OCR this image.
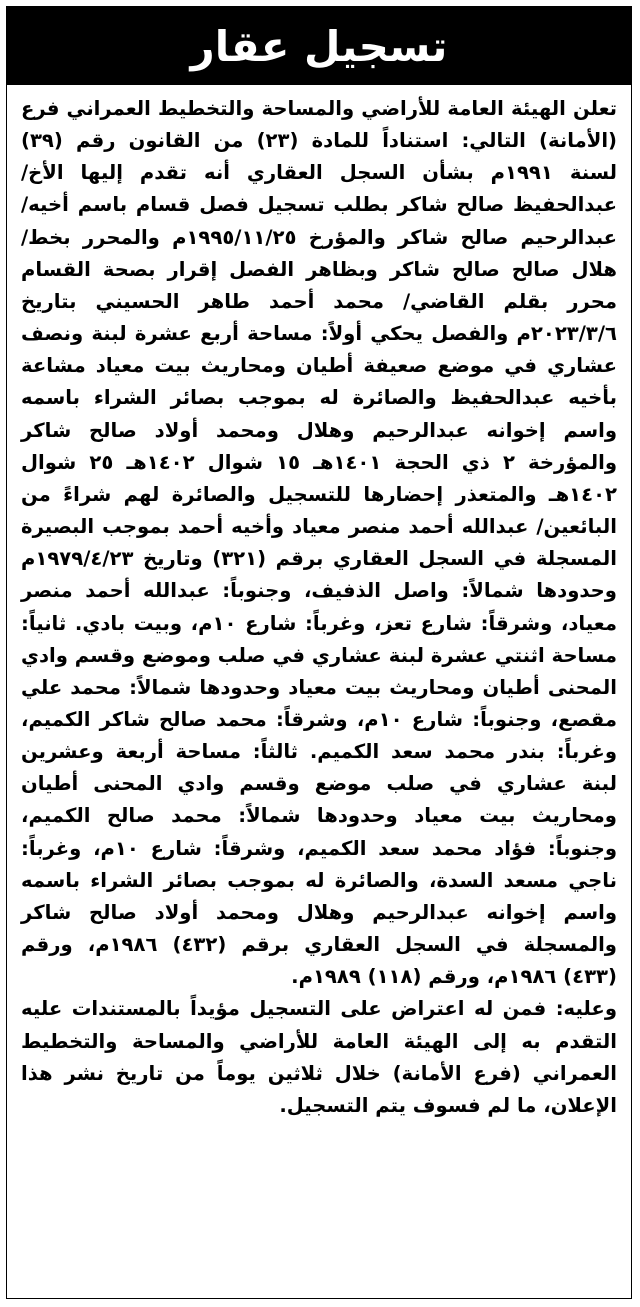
تسجيل عقار

تعلن الهيئة العامة للأراضي والمساحة والتخطيط العمراني فرع (الأمانة) التالي: استناداً للمادة (٢٣) من القانون رقم (٣٩) لسنة ١٩٩١م بشأن السجل العقاري أنه تقدم إليها الأخ/ عبدالحفيظ صالح شاكر بطلب تسجيل فصل قسام باسم أخيه/ عبدالرحيم صالح شاكر والمؤرخ ١٩٩٥/١١/٢٥م والمحرر بخط/ هلال صالح صالح شاكر وبظاهر الفصل إقرار بصحة القسام محرر بقلم القاضي/ محمد أحمد طاهر الحسيني بتاريخ ٢٠٢٣/٣/٦م والفصل يحكي أولاً: مساحة أربع عشرة لبنة ونصف عشاري في موضع صعيفة أطيان ومحاريث بيت معياد مشاعة بأخيه عبدالحفيظ والصائرة له بموجب بصائر الشراء باسمه واسم إخوانه عبدالرحيم وهلال ومحمد أولاد صالح شاكر والمؤرخة ٢ ذي الحجة ١٤٠١هـ ١٥ شوال ١٤٠٢هـ ٢٥ شوال ١٤٠٢هـ والمتعذر إحضارها للتسجيل والصائرة لهم شراءً من البائعين/ عبدالله أحمد منصر معياد وأخيه أحمد بموجب البصيرة المسجلة في السجل العقاري برقم (٣٢١) وتاريخ ١٩٧٩/٤/٢٣م وحدودها شمالاً: واصل الذفيف، وجنوباً: عبدالله أحمد منصر معياد، وشرقاً: شارع تعز، وغرباً: شارع ١٠م، وبيت بادي. ثانياً: مساحة اثنتي عشرة لبنة عشاري في صلب وموضع وقسم وادي المحنى أطيان ومحاريث بيت معياد وحدودها شمالاً: محمد علي مقصع، وجنوباً: شارع ١٠م، وشرقاً: محمد صالح شاكر الكميم، وغرباً: بندر محمد سعد الكميم. ثالثاً: مساحة أربعة وعشرين لبنة عشاري في صلب موضع وقسم وادي المحنى أطيان ومحاريث بيت معياد وحدودها شمالاً: محمد صالح الكميم، وجنوباً: فؤاد محمد سعد الكميم، وشرقاً: شارع ١٠م، وغرباً: ناجي مسعد السدة، والصائرة له بموجب بصائر الشراء باسمه واسم إخوانه عبدالرحيم وهلال ومحمد أولاد صالح شاكر والمسجلة في السجل العقاري برقم (٤٣٢) ١٩٨٦م، ورقم (٤٣٣) ١٩٨٦م، ورقم (١١٨) ١٩٨٩م.

وعليه: فمن له اعتراض على التسجيل مؤيداً بالمستندات عليه التقدم به إلى الهيئة العامة للأراضي والمساحة والتخطيط العمراني (فرع الأمانة) خلال ثلاثين يوماً من تاريخ نشر هذا الإعلان، ما لم فسوف يتم التسجيل.
